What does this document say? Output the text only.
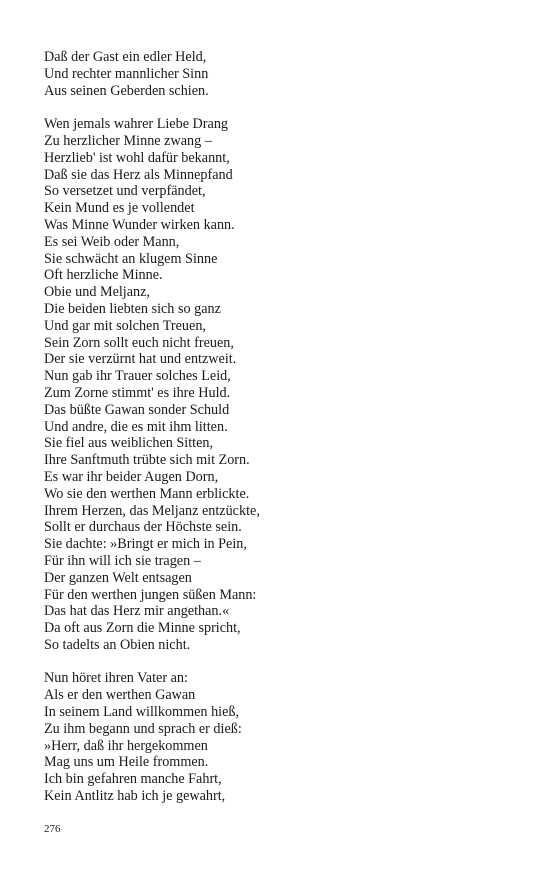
Daß der Gast ein edler Held,
Und rechter mannlicher Sinn
Aus seinen Geberden schien.
Wen jemals wahrer Liebe Drang
Zu herzlicher Minne zwang –
Herzlieb' ist wohl dafür bekannt,
Daß sie das Herz als Minnepfand
So versetzet und verpfändet,
Kein Mund es je vollendet
Was Minne Wunder wirken kann.
Es sei Weib oder Mann,
Sie schwächt an klugem Sinne
Oft herzliche Minne.
Obie und Meljanz,
Die beiden liebten sich so ganz
Und gar mit solchen Treuen,
Sein Zorn sollt euch nicht freuen,
Der sie verzürnt hat und entzweit.
Nun gab ihr Trauer solches Leid,
Zum Zorne stimmt' es ihre Huld.
Das büßte Gawan sonder Schuld
Und andre, die es mit ihm litten.
Sie fiel aus weiblichen Sitten,
Ihre Sanftmuth trübte sich mit Zorn.
Es war ihr beider Augen Dorn,
Wo sie den werthen Mann erblickte.
Ihrem Herzen, das Meljanz entzückte,
Sollt er durchaus der Höchste sein.
Sie dachte: »Bringt er mich in Pein,
Für ihn will ich sie tragen –
Der ganzen Welt entsagen
Für den werthen jungen süßen Mann:
Das hat das Herz mir angethan.«
Da oft aus Zorn die Minne spricht,
So tadelts an Obien nicht.
Nun höret ihren Vater an:
Als er den werthen Gawan
In seinem Land willkommen hieß,
Zu ihm begann und sprach er dieß:
»Herr, daß ihr hergekommen
Mag uns um Heile frommen.
Ich bin gefahren manche Fahrt,
Kein Antlitz hab ich je gewahrt,
276
